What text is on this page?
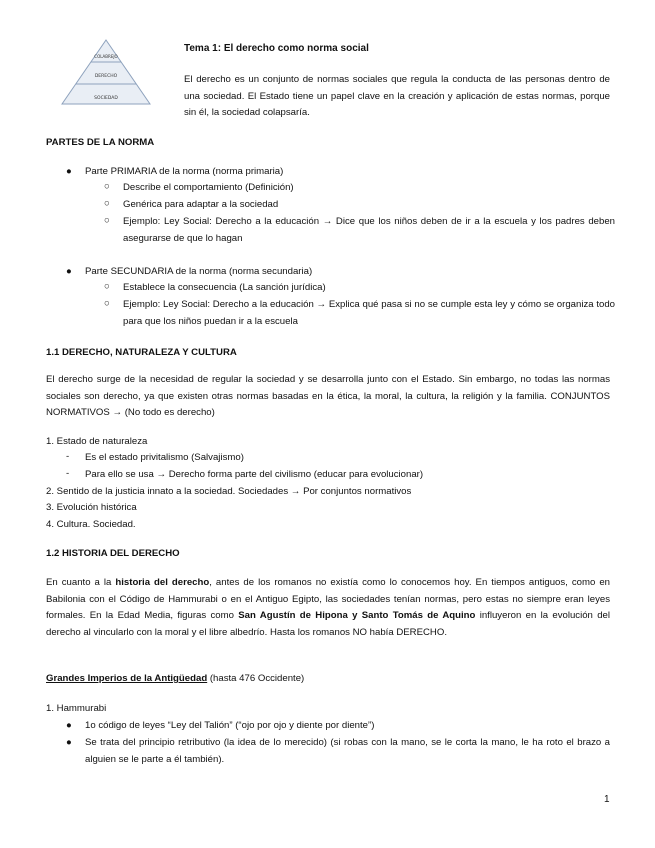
COLABREJO
DERECHO
SOCIEDAD
Tema 1: El derecho como norma social
El derecho es un conjunto de normas sociales que regula la conducta de las personas dentro de una sociedad. El Estado tiene un papel clave en la creación y aplicación de estas normas, porque sin él, la sociedad colapsaría.
PARTES DE LA NORMA
● Parte PRIMARIA de la norma (norma primaria)
○ Describe el comportamiento (Definición)
○ Genérica para adaptar a la sociedad
○ Ejemplo: Ley Social: Derecho a la educación → Dice que los niños deben de ir a la escuela y los padres deben asegurarse de que lo hagan
● Parte SECUNDARIA de la norma (norma secundaria)
○ Establece la consecuencia (La sanción jurídica)
○ Ejemplo: Ley Social: Derecho a la educación → Explica qué pasa si no se cumple esta ley y cómo se organiza todo para que los niños puedan ir a la escuela
1.1 DERECHO, NATURALEZA Y CULTURA
El derecho surge de la necesidad de regular la sociedad y se desarrolla junto con el Estado. Sin embargo, no todas las normas sociales son derecho, ya que existen otras normas basadas en la ética, la moral, la cultura, la religión y la familia. CONJUNTOS NORMATIVOS → (No todo es derecho)
1. Estado de naturaleza
- Es el estado privitalismo (Salvajismo)
- Para ello se usa → Derecho forma parte del civilismo (educar para evolucionar)
2. Sentido de la justicia innato a la sociedad. Sociedades → Por conjuntos normativos
3. Evolución histórica
4. Cultura. Sociedad.
1.2 HISTORIA DEL DERECHO
En cuanto a la historia del derecho, antes de los romanos no existía como lo conocemos hoy. En tiempos antiguos, como en Babilonia con el Código de Hammurabi o en el Antiguo Egipto, las sociedades tenían normas, pero estas no siempre eran leyes formales. En la Edad Media, figuras como San Agustín de Hipona y Santo Tomás de Aquino influyeron en la evolución del derecho al vincularlo con la moral y el libre albedrío. Hasta los romanos NO había DERECHO.
Grandes Imperios de la Antigüedad (hasta 476 Occidente)
1. Hammurabi
● 1o código de leyes “Ley del Talión” (“ojo por ojo y diente por diente”)
● Se trata del principio retributivo (la idea de lo merecido) (si robas con la mano, se le corta la mano, le ha roto el brazo a alguien se le parte a él también).
1
